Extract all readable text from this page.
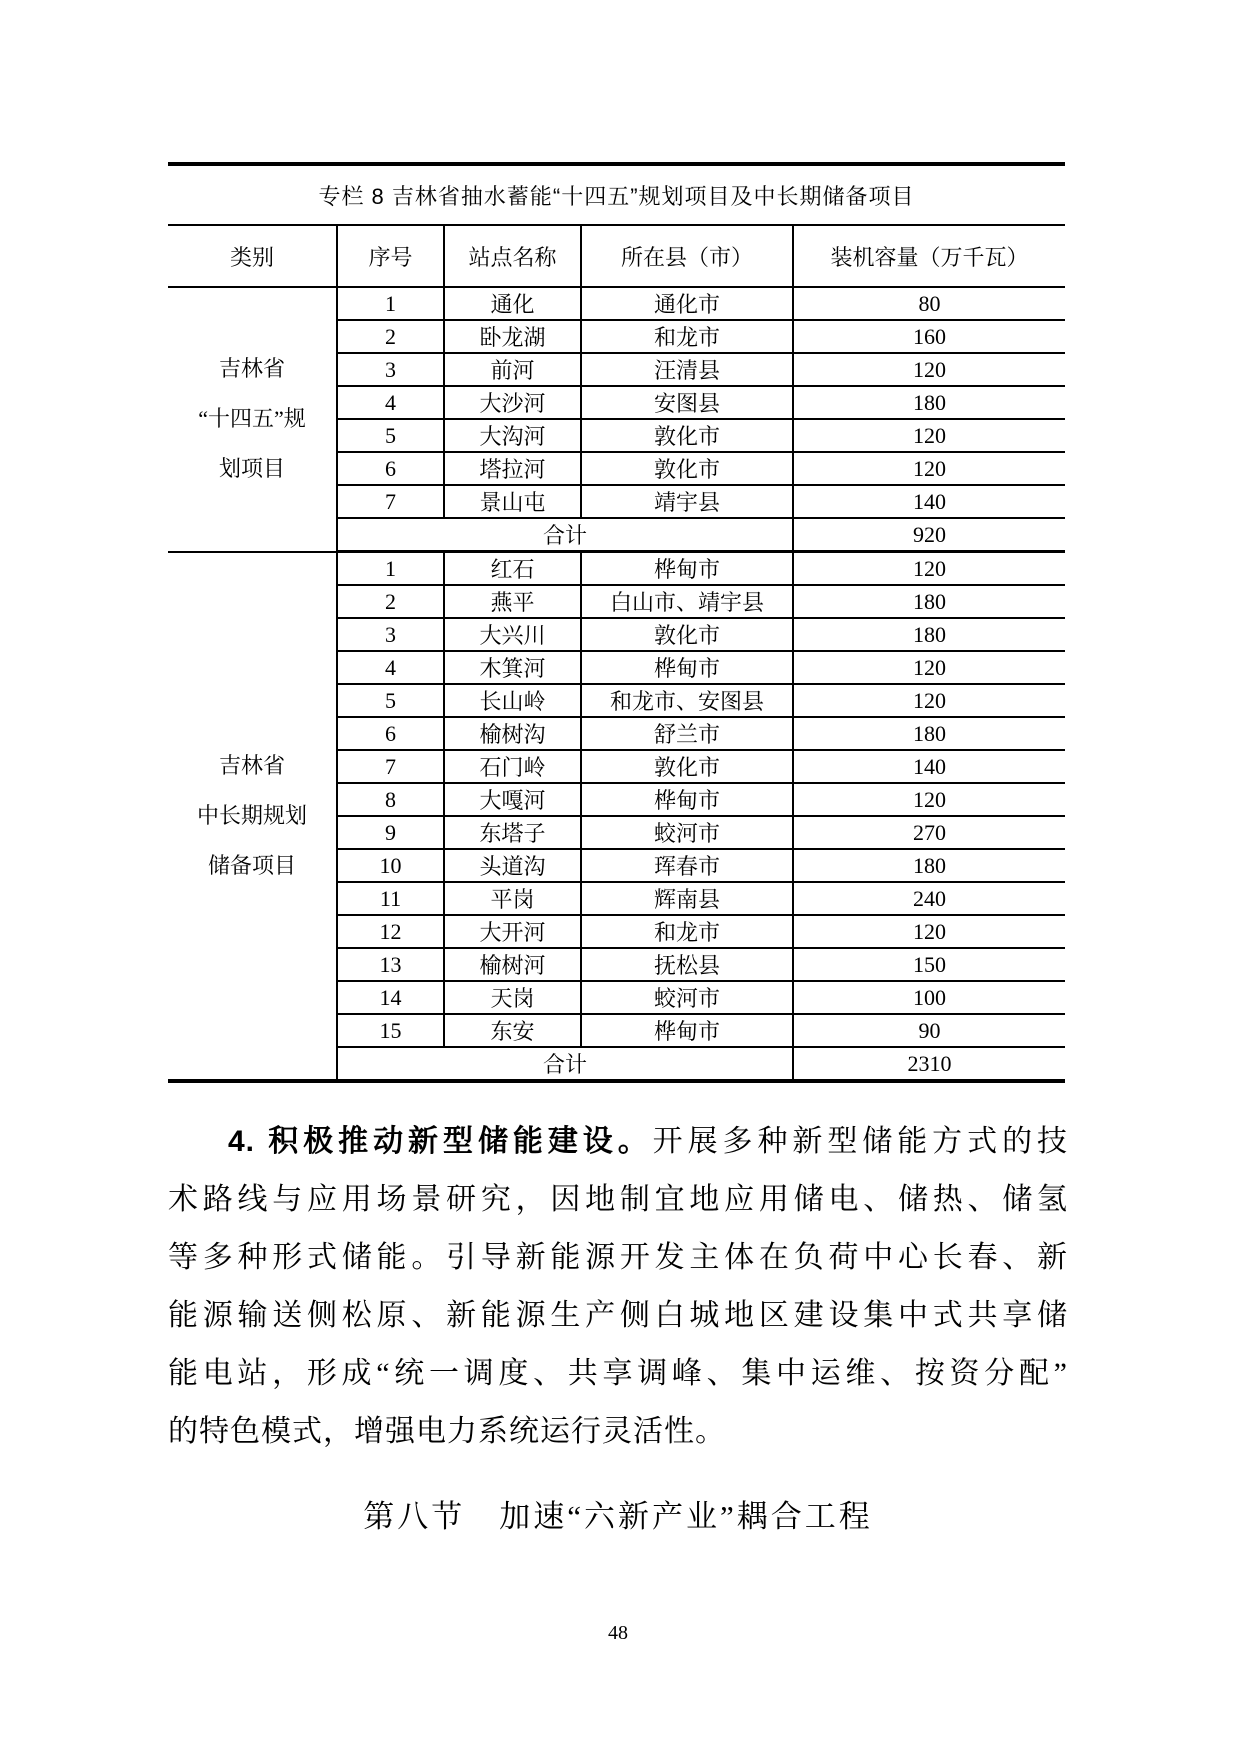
专栏 8 吉林省抽水蓄能“十四五”规划项目及中长期储备项目				
类别	序号	站点名称	所在县（市）	装机容量（万千瓦）

吉林省
“十四五”规
划项目	1	通化	通化市	80
	2	卧龙湖	和龙市	160
	3	前河	汪清县	120
	4	大沙河	安图县	180
	5	大沟河	敦化市	120
	6	塔拉河	敦化市	120
	7	景山屯	靖宇县	140
	合计			920

吉林省
中长期规划
储备项目	1	红石	桦甸市	120
	2	燕平	白山市、靖宇县	180
	3	大兴川	敦化市	180
	4	木箕河	桦甸市	120
	5	长山岭	和龙市、安图县	120
	6	榆树沟	舒兰市	180
	7	石门岭	敦化市	140
	8	大嘎河	桦甸市	120
	9	东塔子	蛟河市	270
	10	头道沟	珲春市	180
	11	平岗	辉南县	240
	12	大开河	和龙市	120
	13	榆树河	抚松县	150
	14	天岗	蛟河市	100
	15	东安	桦甸市	90
	合计			2310
4. 积极推动新型储能建设。开展多种新型储能方式的技
术路线与应用场景研究，因地制宜地应用储电、储热、储氢
等多种形式储能。引导新能源开发主体在负荷中心长春、新
能源输送侧松原、新能源生产侧白城地区建设集中式共享储
能电站，形成“统一调度、共享调峰、集中运维、按资分配”
的特色模式，增强电力系统运行灵活性。
第八节　加速“六新产业”耦合工程
48
